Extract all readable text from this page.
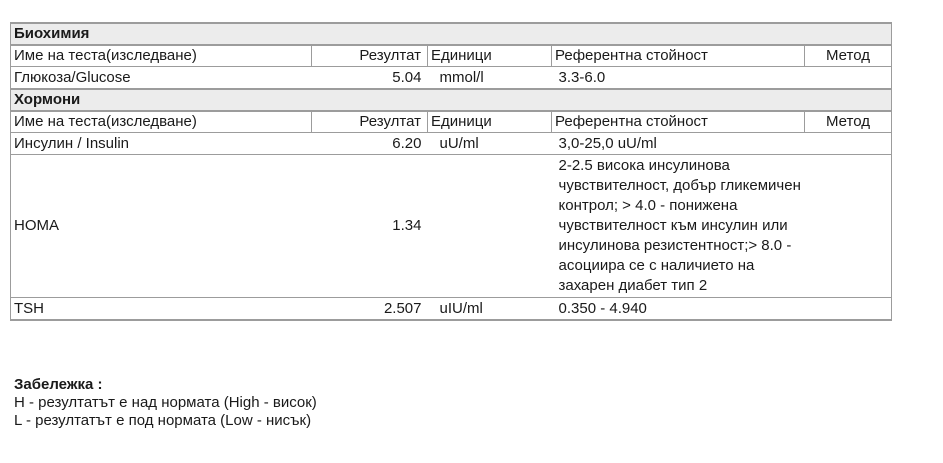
Биохимия				
Име на теста(изследване)	Резултат	Единици	Референтна стойност	Метод
Глюкоза/Glucose	5.04	mmol/l	3.3-6.0	
Хормони				
Име на теста(изследване)	Резултат	Единици	Референтна стойност	Метод
Инсулин / Insulin	6.20	uU/ml	3,0-25,0 uU/ml	
HOMA	1.34		2-2.5 висока инсулинова чувствителност, добър гликемичен контрол; > 4.0 - понижена чувствителност към инсулин или инсулинова резистентност;> 8.0 - асоциира се с наличието на захарен диабет тип 2	
TSH	2.507	uIU/ml	0.350 - 4.940	
Забележка :
H - резултатът е над нормата (High - висок)
L - резултатът е под нормата (Low - нисък)
